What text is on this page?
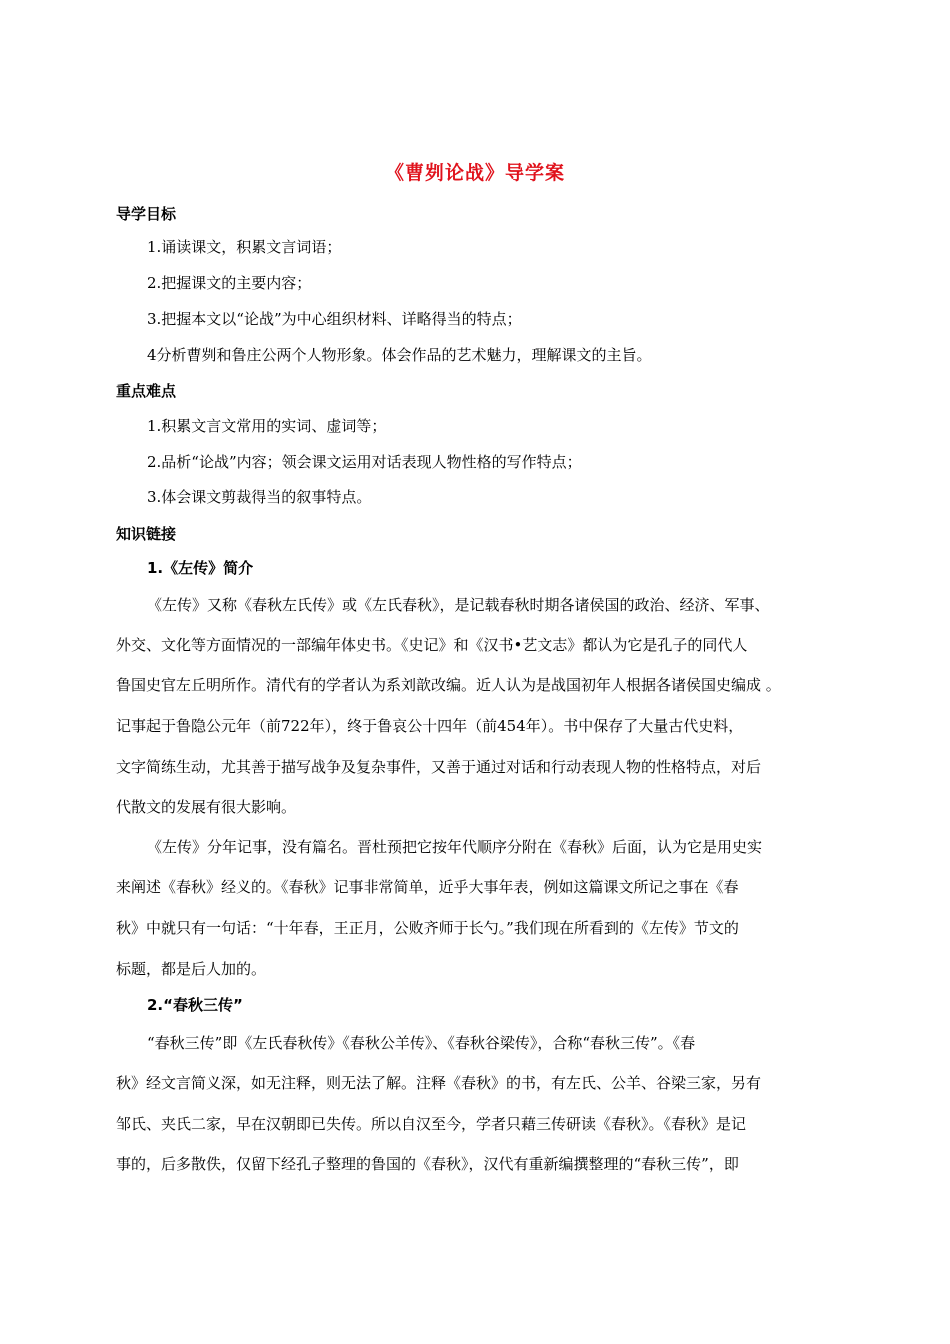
《曹刿论战》导学案
导学目标
1.诵读课文，积累文言词语；
2.把握课文的主要内容；
3.把握本文以“论战”为中心组织材料、详略得当的特点；
4分析曹刿和鲁庄公两个人物形象。体会作品的艺术魅力，理解课文的主旨。
重点难点
1.积累文言文常用的实词、虚词等；
2.品析“论战”内容；领会课文运用对话表现人物性格的写作特点；
3.体会课文剪裁得当的叙事特点。
知识链接
1.《左传》简介
《左传》又称《春秋左氏传》或《左氏春秋》，是记载春秋时期各诸侯国的政治、经济、军事、
外交、文化等方面情况的一部编年体史书。《史记》和《汉书•艺文志》都认为它是孔子的同代人
鲁国史官左丘明所作。清代有的学者认为系刘歆改编。近人认为是战国初年人根据各诸侯国史编成 。
记事起于鲁隐公元年（前722年），终于鲁哀公十四年（前454年）。书中保存了大量古代史料，
文字简练生动，尤其善于描写战争及复杂事件，又善于通过对话和行动表现人物的性格特点，对后
代散文的发展有很大影响。
《左传》分年记事，没有篇名。晋杜预把它按年代顺序分附在《春秋》后面，认为它是用史实
来阐述《春秋》经义的。《春秋》记事非常简单，近乎大事年表，例如这篇课文所记之事在《春
秋》中就只有一句话：“十年春，王正月，公败齐师于长勺。”我们现在所看到的《左传》节文的
标题，都是后人加的。
2.“春秋三传”
“春秋三传”即《左氏春秋传》《春秋公羊传》、《春秋谷梁传》，合称“春秋三传”。《春
秋》经文言简义深，如无注释，则无法了解。注释《春秋》的书，有左氏、公羊、谷梁三家，另有
邹氏、夹氏二家，早在汉朝即已失传。所以自汉至今，学者只藉三传研读《春秋》。《春秋》是记
事的，后多散佚，仅留下经孔子整理的鲁国的《春秋》，汉代有重新编撰整理的“春秋三传”，即
